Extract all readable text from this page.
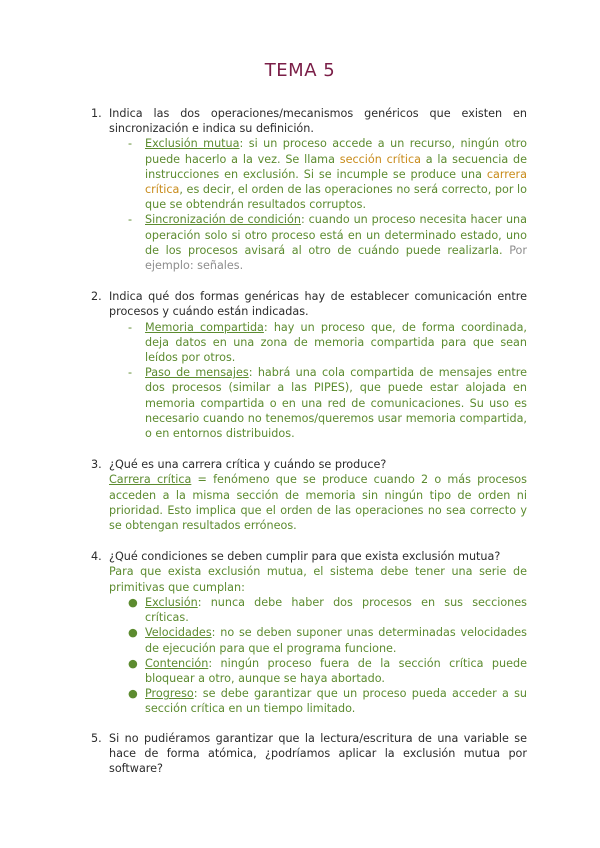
TEMA 5
1. Indica las dos operaciones/mecanismos genéricos que existen en sincronización e indica su definición.

- Exclusión mutua: si un proceso accede a un recurso, ningún otro puede hacerlo a la vez. Se llama sección crítica a la secuencia de instrucciones en exclusión. Si se incumple se produce una carrera crítica, es decir, el orden de las operaciones no será correcto, por lo que se obtendrán resultados corruptos.
- Sincronización de condición: cuando un proceso necesita hacer una operación solo si otro proceso está en un determinado estado, uno de los procesos avisará al otro de cuándo puede realizarla. Por ejemplo: señales.
2. Indica qué dos formas genéricas hay de establecer comunicación entre procesos y cuándo están indicadas.

- Memoria compartida: hay un proceso que, de forma coordinada, deja datos en una zona de memoria compartida para que sean leídos por otros.
- Paso de mensajes: habrá una cola compartida de mensajes entre dos procesos (similar a las PIPES), que puede estar alojada en memoria compartida o en una red de comunicaciones. Su uso es necesario cuando no tenemos/queremos usar memoria compartida, o en entornos distribuidos.
3. ¿Qué es una carrera crítica y cuándo se produce?

Carrera crítica = fenómeno que se produce cuando 2 o más procesos acceden a la misma sección de memoria sin ningún tipo de orden ni prioridad. Esto implica que el orden de las operaciones no sea correcto y se obtengan resultados erróneos.

4. ¿Qué condiciones se deben cumplir para que exista exclusión mutua?

Para que exista exclusión mutua, el sistema debe tener una serie de primitivas que cumplan:

● Exclusión: nunca debe haber dos procesos en sus secciones críticas.
● Velocidades: no se deben suponer unas determinadas velocidades de ejecución para que el programa funcione.
● Contención: ningún proceso fuera de la sección crítica puede bloquear a otro, aunque se haya abortado.
● Progreso: se debe garantizar que un proceso pueda acceder a su sección crítica en un tiempo limitado.
5. Si no pudiéramos garantizar que la lectura/escritura de una variable se hace de forma atómica, ¿podríamos aplicar la exclusión mutua por software?
